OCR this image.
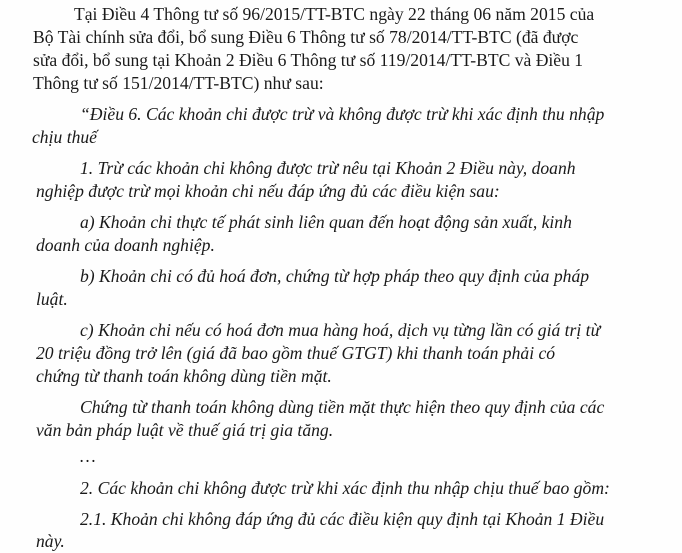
Tại Điều 4 Thông tư số 96/2015/TT-BTC ngày 22 tháng 06 năm 2015 của
Bộ Tài chính sửa đổi, bổ sung Điều 6 Thông tư số 78/2014/TT-BTC (đã được
sửa đổi, bổ sung tại Khoản 2 Điều 6 Thông tư số 119/2014/TT-BTC và Điều 1
Thông tư số 151/2014/TT-BTC) như sau:
“Điều 6. Các khoản chi được trừ và không được trừ khi xác định thu nhập
chịu thuế
1. Trừ các khoản chi không được trừ nêu tại Khoản 2 Điều này, doanh
nghiệp được trừ mọi khoản chi nếu đáp ứng đủ các điều kiện sau:
a) Khoản chi thực tế phát sinh liên quan đến hoạt động sản xuất, kinh
doanh của doanh nghiệp.
b) Khoản chi có đủ hoá đơn, chứng từ hợp pháp theo quy định của pháp
luật.
c) Khoản chi nếu có hoá đơn mua hàng hoá, dịch vụ từng lần có giá trị từ
20 triệu đồng trở lên (giá đã bao gồm thuế GTGT) khi thanh toán phải có
chứng từ thanh toán không dùng tiền mặt.
Chứng từ thanh toán không dùng tiền mặt thực hiện theo quy định của các
văn bản pháp luật về thuế giá trị gia tăng.
…
2. Các khoản chi không được trừ khi xác định thu nhập chịu thuế bao gồm:
2.1. Khoản chi không đáp ứng đủ các điều kiện quy định tại Khoản 1 Điều
này.
